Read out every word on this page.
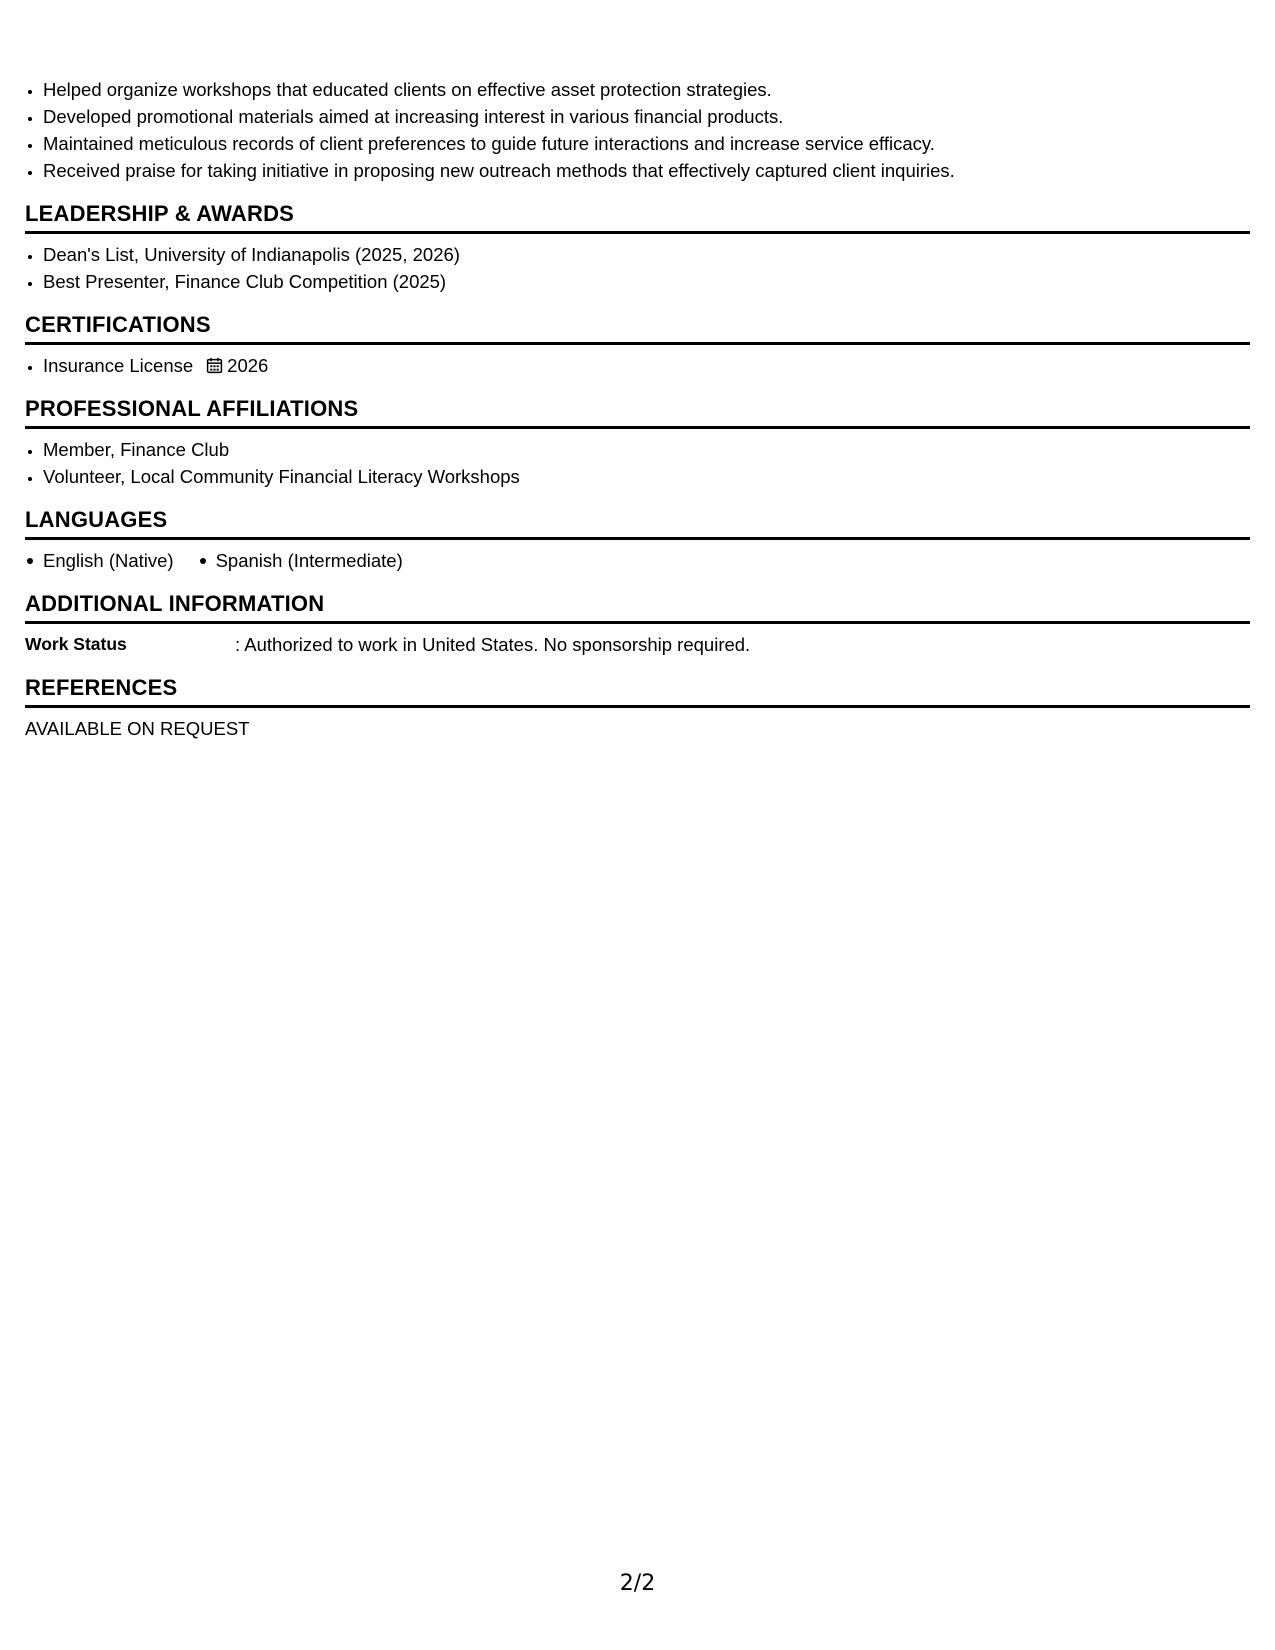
• Helped organize workshops that educated clients on effective asset protection strategies.
• Developed promotional materials aimed at increasing interest in various financial products.
• Maintained meticulous records of client preferences to guide future interactions and increase service efficacy.
• Received praise for taking initiative in proposing new outreach methods that effectively captured client inquiries.
LEADERSHIP & AWARDS
• Dean's List, University of Indianapolis (2025, 2026)
• Best Presenter, Finance Club Competition (2025)
CERTIFICATIONS
• Insurance License 2026
PROFESSIONAL AFFILIATIONS
• Member, Finance Club
• Volunteer, Local Community Financial Literacy Workshops
LANGUAGES
English (Native)	Spanish (Intermediate)
ADDITIONAL INFORMATION
Work Status	: Authorized to work in United States. No sponsorship required.
REFERENCES
AVAILABLE ON REQUEST
2/2
